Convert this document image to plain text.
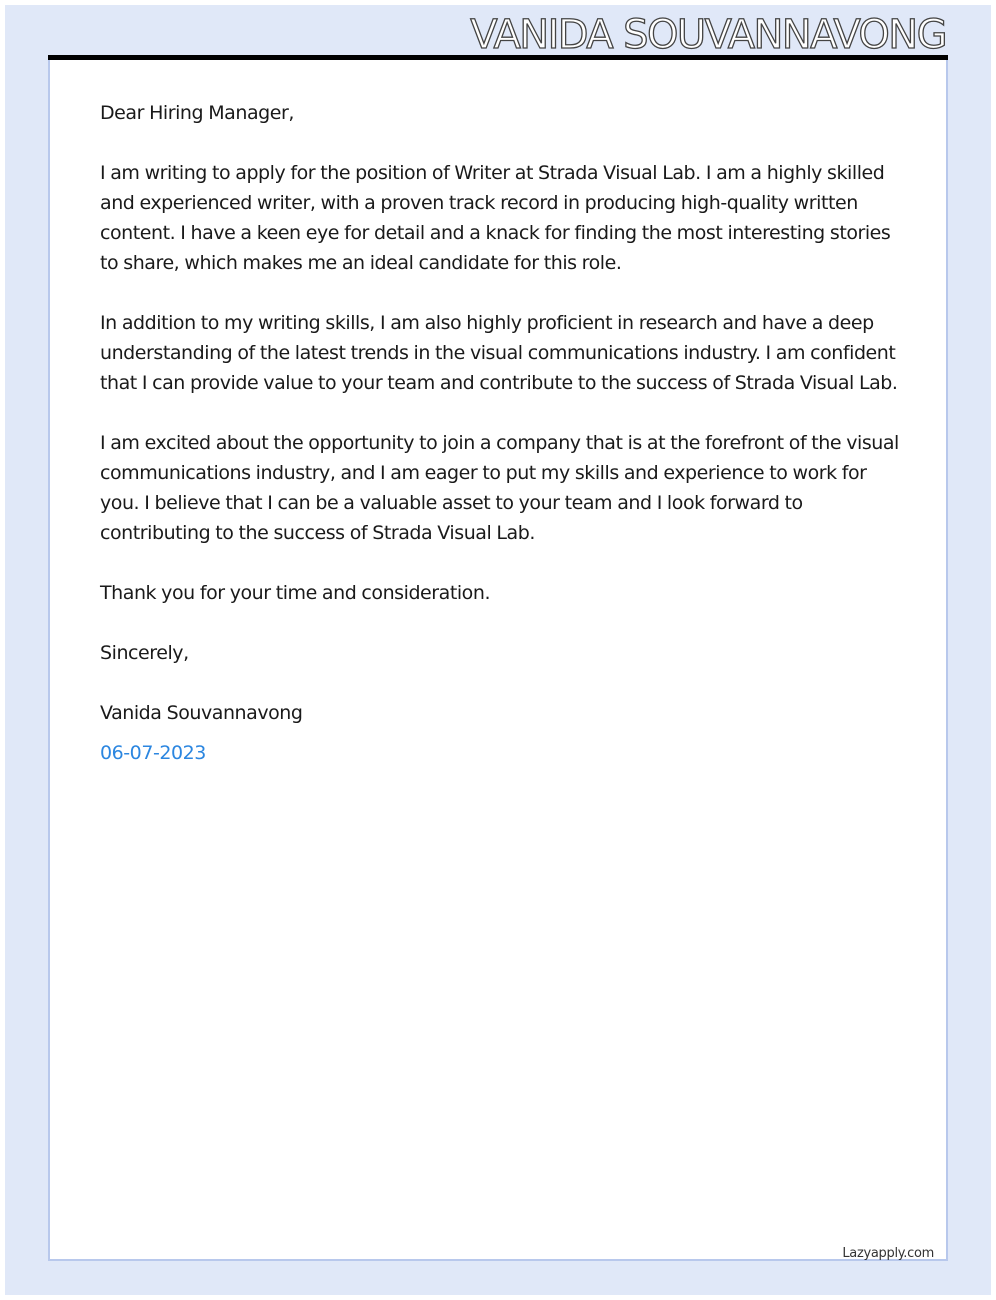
VANIDA SOUVANNAVONG

Dear Hiring Manager,

I am writing to apply for the position of Writer at Strada Visual Lab. I am a highly skilled and experienced writer, with a proven track record in producing high-quality written content. I have a keen eye for detail and a knack for finding the most interesting stories to share, which makes me an ideal candidate for this role.

In addition to my writing skills, I am also highly proficient in research and have a deep understanding of the latest trends in the visual communications industry. I am confident that I can provide value to your team and contribute to the success of Strada Visual Lab.

I am excited about the opportunity to join a company that is at the forefront of the visual communications industry, and I am eager to put my skills and experience to work for you. I believe that I can be a valuable asset to your team and I look forward to contributing to the success of Strada Visual Lab.

Thank you for your time and consideration.

Sincerely,

Vanida Souvannavong

06-07-2023

Lazyapply.com
